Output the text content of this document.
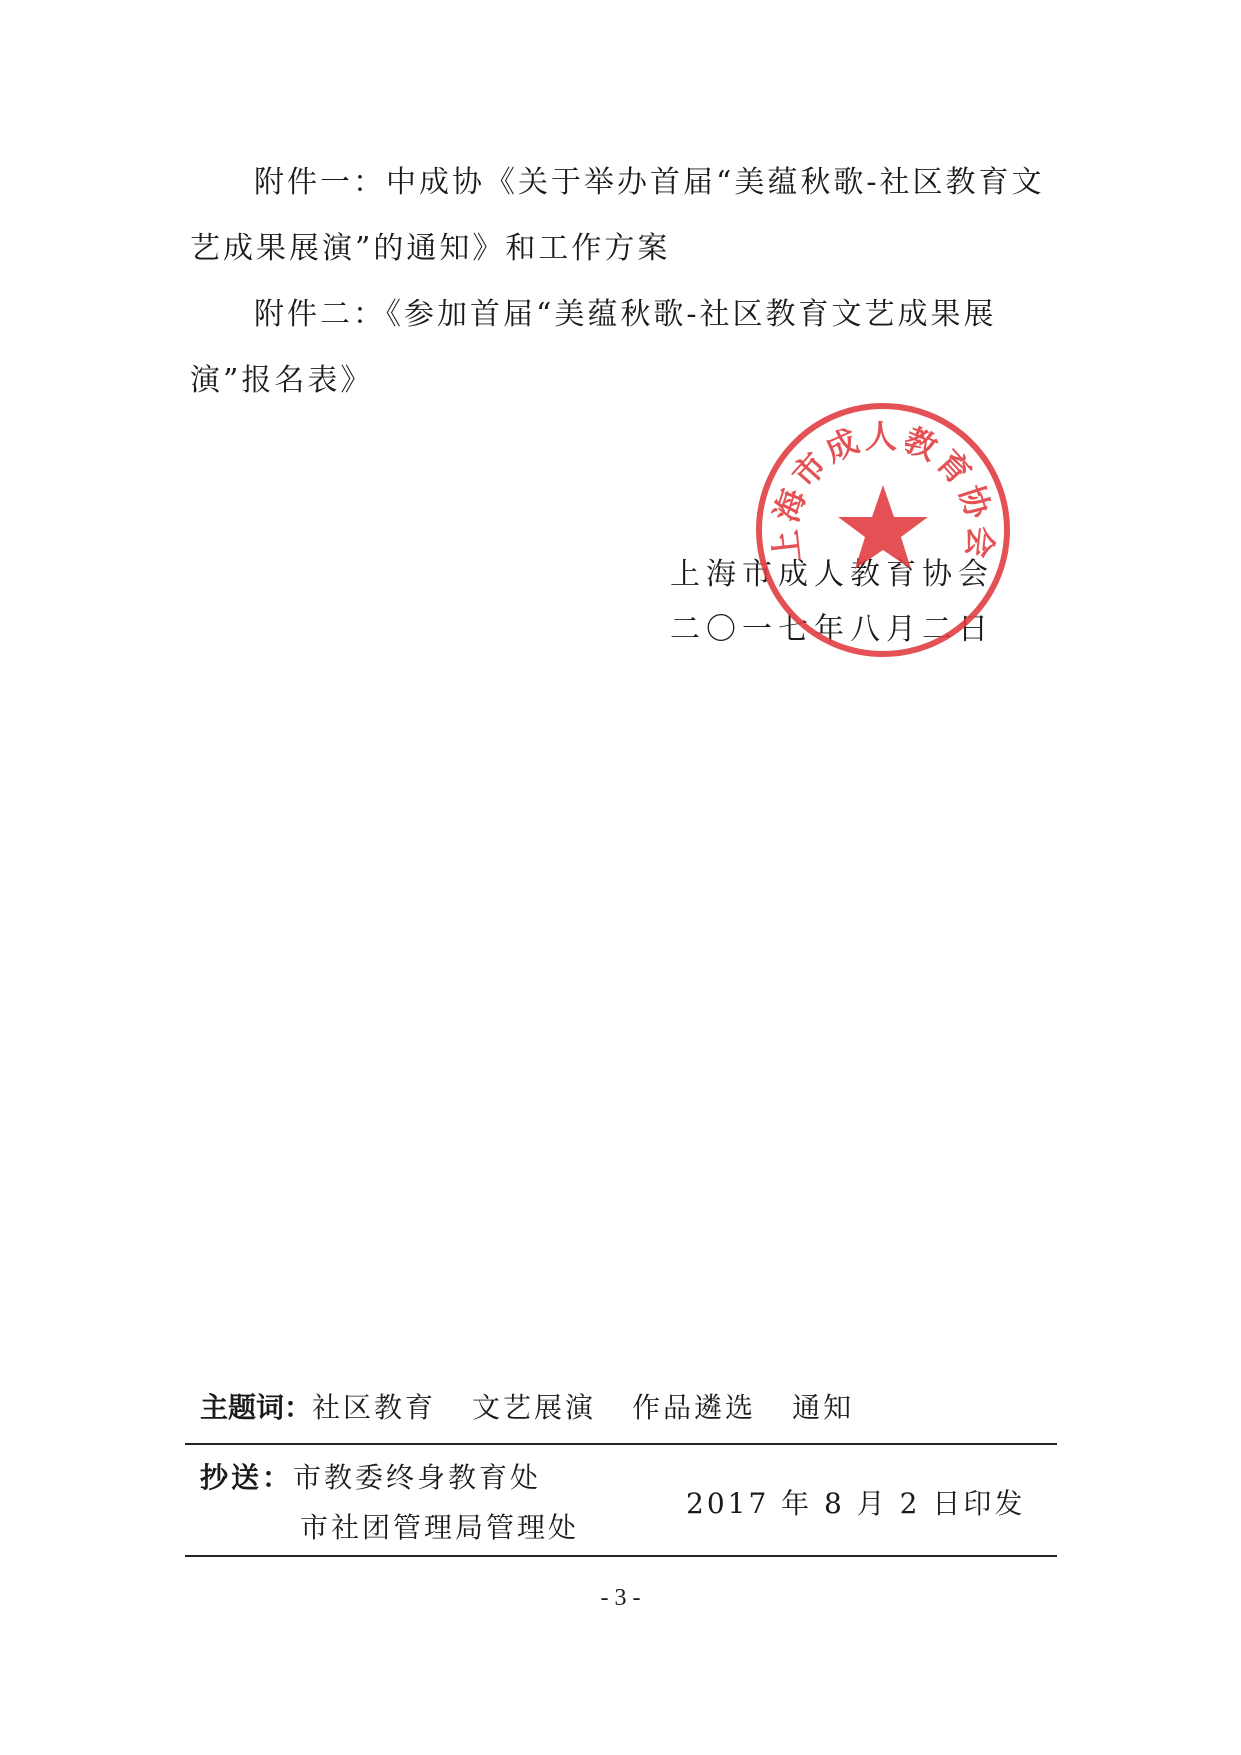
附件一：中成协《关于举办首届“美蕴秋歌-社区教育文艺成果展演”的通知》和工作方案

附件二：《参加首届“美蕴秋歌-社区教育文艺成果展演”报名表》

上海市成人教育协会
二〇一七年八月二日
上海市成人教育协会
主题词：社区教育 文艺展演 作品遴选 通知
抄送：市教委终身教育处
市社团管理局管理处
2017 年 8 月 2 日印发
- 3 -
